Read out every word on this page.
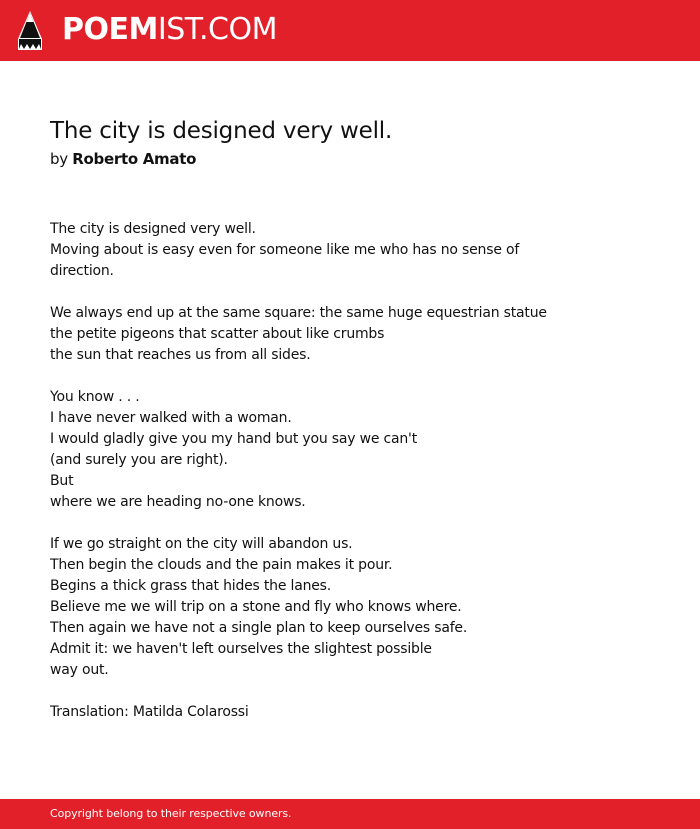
POEMIST.COM
The city is designed very well.
by Roberto Amato

The city is designed very well.
Moving about is easy even for someone like me who has no sense of
direction.

We always end up at the same square: the same huge equestrian statue
the petite pigeons that scatter about like crumbs
the sun that reaches us from all sides.

You know . . .
I have never walked with a woman.
I would gladly give you my hand but you say we can't
(and surely you are right).
But
where we are heading no-one knows.

If we go straight on the city will abandon us.
Then begin the clouds and the pain makes it pour.
Begins a thick grass that hides the lanes.
Believe me we will trip on a stone and fly who knows where.
Then again we have not a single plan to keep ourselves safe.
Admit it: we haven't left ourselves the slightest possible
way out.

Translation: Matilda Colarossi

Copyright belong to their respective owners.
